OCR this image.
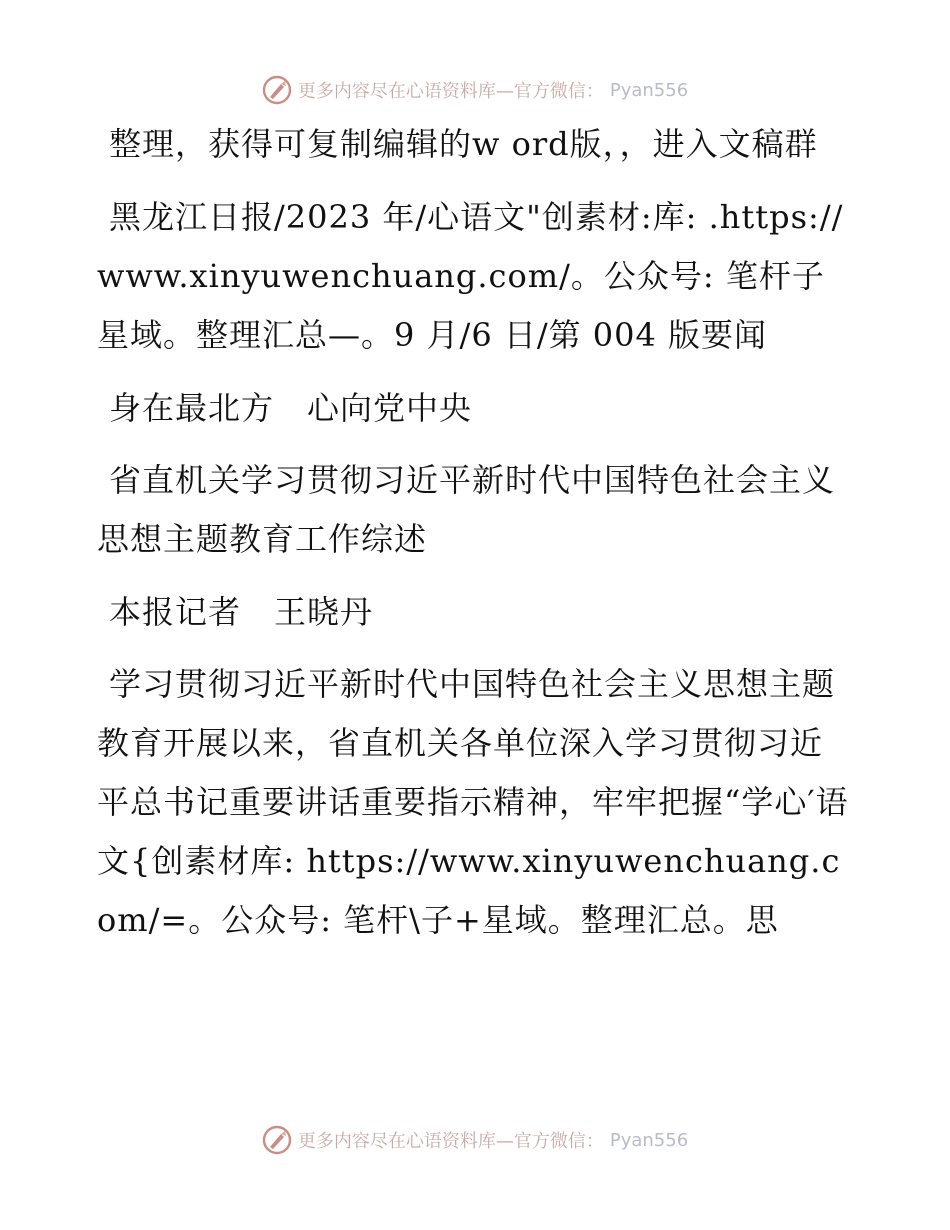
更多内容尽在心语资料库—官方微信： Pyan556

整理，获得可复制编辑的w ord版，，进入文稿群

黑龙江日报/2023 年/心语文"创素材:库: .https://www.xinyuwenchuang.com/。公众号: 笔杆子星域。整理汇总—。9 月/6 日/第 004 版要闻

身在最北方　心向党中央

省直机关学习贯彻习近平新时代中国特色社会主义思想主题教育工作综述

本报记者　王晓丹

学习贯彻习近平新时代中国特色社会主义思想主题教育开展以来，省直机关各单位深入学习贯彻习近平总书记重要讲话重要指示精神，牢牢把握“学心′语文{创素材库: https://www.xinyuwenchuang.com/=。公众号: 笔杆\子+星域。整理汇总。思

更多内容尽在心语资料库—官方微信： Pyan556
